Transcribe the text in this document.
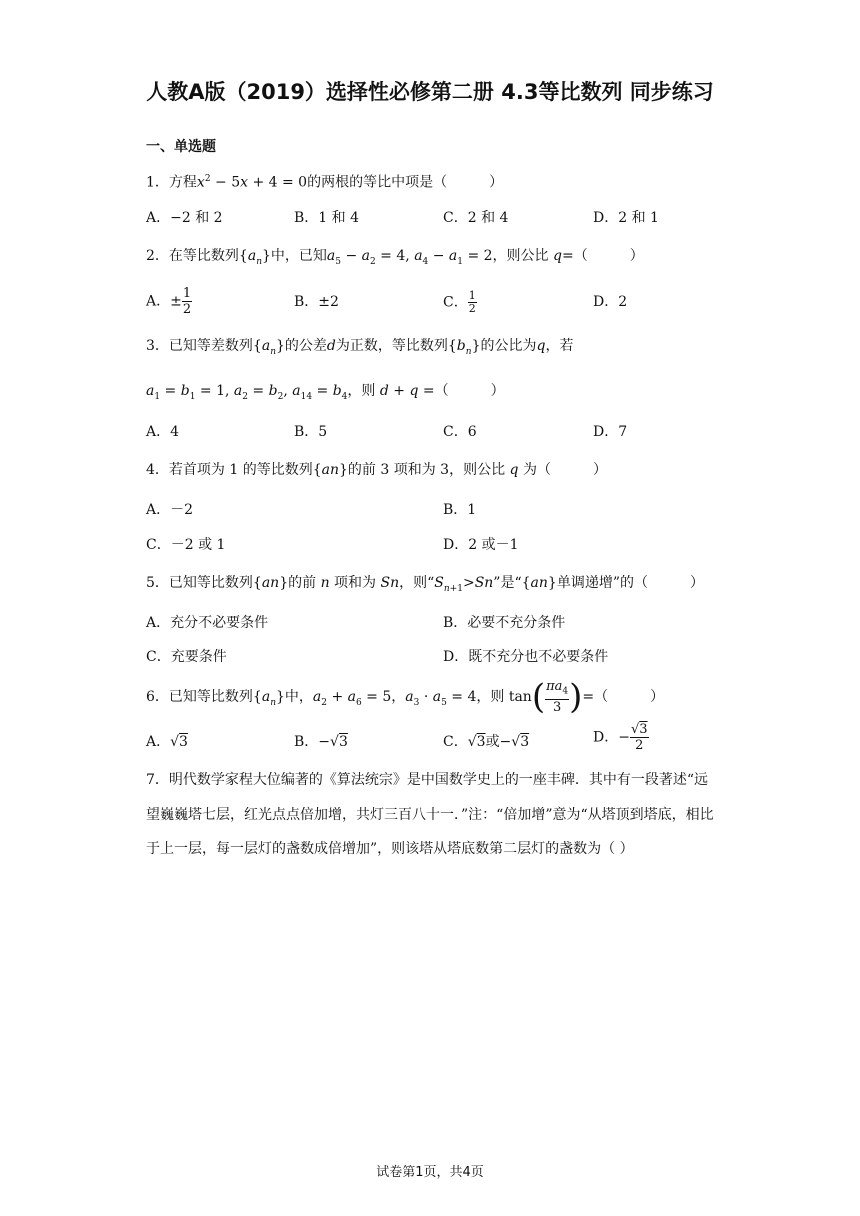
人教A版（2019）选择性必修第二册 4.3等比数列 同步练习
一、单选题
1．方程$x^2 - 5x + 4 = 0$的两根的等比中项是（　　　）
A．−2 和 2	B．1 和 4	C．2 和 4	D．2 和 1
2．在等比数列$\{a_n\}$中，已知$a_5 - a_2 = 4$, $a_4 - a_1 = 2$，则公比 q=（　　　）
A．± $\frac{1}{2}$	B．±2	C． $\frac{1}{2}$	D．2
3．已知等差数列$\{a_n\}$的公差d为正数，等比数列$\{b_n\}$的公比为q，若
$a_1 = b_1 = 1$, $a_2 = b_2$, $a_{14} = b_4$，则 d + q =（　　　）
A．4	B．5	C．6	D．7
4．若首项为 1 的等比数列{an}的前 3 项和为 3，则公比 q 为（　　　）
A．－2	B．1
C．－2 或 1	D．2 或－1
5．已知等比数列{an}的前 n 项和为 Sn，则“$S_{n+1}>Sn$”是“{an}单调递增”的（　　　）
A．充分不必要条件	B．必要不充分条件
C．充要条件	D．既不充分也不必要条件
6．已知等比数列$\{a_n\}$中，$a_2 + a_6 = 5$，$a_3 \cdot a_5 = 4$，则 $\tan( \frac{\pi a_4}{3}$ )=（　　　）
A．√3	B．−√3	C．√3或−√3	D．− $\frac{√3}{2}$
7．明代数学家程大位编著的《算法统宗》是中国数学史上的一座丰碑．其中有一段著述“远望巍巍塔七层，红光点点倍加增，共灯三百八十一．”注：“倍加增”意为“从塔顶到塔底，相比于上一层，每一层灯的盏数成倍增加”，则该塔从塔底数第二层灯的盏数为（ ）
试卷第1页，共4页
